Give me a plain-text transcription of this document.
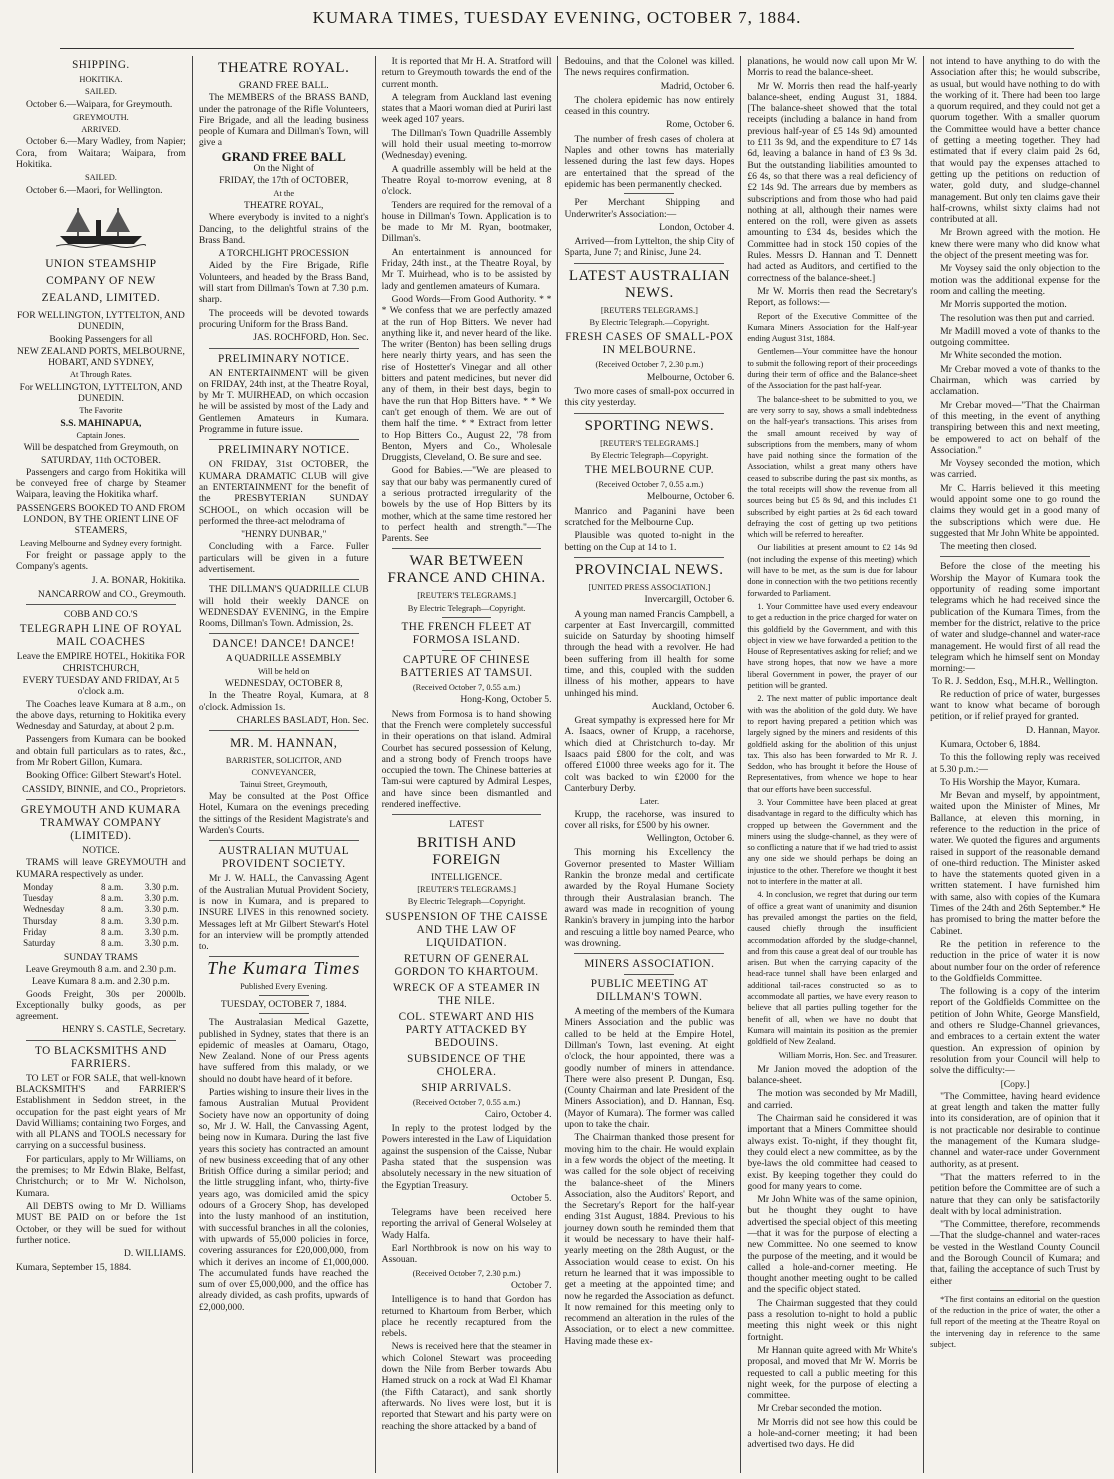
KUMARA TIMES, TUESDAY EVENING, OCTOBER 7, 1884.
SHIPPING.
HOKITIKA.
SAILED.

October 6.—Waipara, for Greymouth.

GREYMOUTH.
ARRIVED.

October 6.—Mary Wadley, from Napier; Cora, from Waitara; Waipara, from Hokitika.

SAILED.

October 6.—Maori, for Wellington.

UNION STEAMSHIP COMPANY OF NEW ZEALAND, LIMITED.
FOR WELLINGTON, LYTTELTON, AND DUNEDIN,
Booking Passengers for all
NEW ZEALAND PORTS, MELBOURNE, HOBART, AND SYDNEY,
At Through Rates.
For WELLINGTON, LYTTELTON, AND DUNEDIN.
The Favorite
S.S. MAHINAPUA,
Captain Jones.
Will be despatched from Greymouth, on
SATURDAY, 11th OCTOBER.

Passengers and cargo from Hokitika will be conveyed free of charge by Steamer Waipara, leaving the Hokitika wharf.

PASSENGERS BOOKED TO AND FROM LONDON, BY THE ORIENT LINE OF STEAMERS,
Leaving Melbourne and Sydney every fortnight.

For freight or passage apply to the Company's agents.

J. A. BONAR, Hokitika.
NANCARROW and CO., Greymouth.
COBB AND CO.'S
TELEGRAPH LINE OF ROYAL MAIL COACHES
Leave the EMPIRE HOTEL, Hokitika FOR CHRISTCHURCH,
EVERY TUESDAY AND FRIDAY, At 5 o'clock a.m.

The Coaches leave Kumara at 8 a.m., on the above days, returning to Hokitika every Wednesday and Saturday, at about 2 p.m.

Passengers from Kumara can be booked and obtain full particulars as to rates, &c., from Mr Robert Gillon, Kumara.

Booking Office: Gilbert Stewart's Hotel.

CASSIDY, BINNIE, and CO., Proprietors.
GREYMOUTH AND KUMARA TRAMWAY COMPANY (LIMITED).
NOTICE.

TRAMS will leave GREYMOUTH and KUMARA respectively as under.

Monday	8 a.m.	3.30 p.m.
Tuesday	8 a.m.	3.30 p.m.
Wednesday	8 a.m.	3.30 p.m.
Thursday	8 a.m.	3.30 p.m.
Friday	8 a.m.	3.30 p.m.
Saturday	8 a.m.	3.30 p.m.
SUNDAY TRAMS
Leave Greymouth 8 a.m. and 2.30 p.m.
Leave Kumara 8 a.m. and 2.30 p.m.

Goods Freight, 30s per 2000lb. Exceptionally bulky goods, as per agreement.

HENRY S. CASTLE, Secretary.
TO BLACKSMITHS AND FARRIERS.

TO LET or FOR SALE, that well-known BLACKSMITH'S and FARRIER'S Establishment in Seddon street, in the occupation for the past eight years of Mr David Williams; containing two Forges, and with all PLANS and TOOLS necessary for carrying on a successful business.

For particulars, apply to Mr Williams, on the premises; to Mr Edwin Blake, Belfast, Christchurch; or to Mr W. Nicholson, Kumara.

All DEBTS owing to Mr D. Williams MUST BE PAID on or before the 1st October, or they will be sued for without further notice.

D. WILLIAMS.
Kumara, September 15, 1884.
THEATRE ROYAL.
GRAND FREE BALL.

The MEMBERS of the BRASS BAND, under the patronage of the Rifle Volunteers, Fire Brigade, and all the leading business people of Kumara and Dillman's Town, will give a

GRAND FREE BALL
On the Night of
FRIDAY, the 17th of OCTOBER,
At the
THEATRE ROYAL,

Where everybody is invited to a night's Dancing, to the delightful strains of the Brass Band.

A TORCHLIGHT PROCESSION

Aided by the Fire Brigade, Rifle Volunteers, and headed by the Brass Band, will start from Dillman's Town at 7.30 p.m. sharp.

The proceeds will be devoted towards procuring Uniform for the Brass Band.

JAS. ROCHFORD, Hon. Sec.
PRELIMINARY NOTICE.

AN ENTERTAINMENT will be given on FRIDAY, 24th inst, at the Theatre Royal, by Mr T. MUIRHEAD, on which occasion he will be assisted by most of the Lady and Gentlemen Amateurs in Kumara. Programme in future issue.

PRELIMINARY NOTICE.

ON FRIDAY, 31st OCTOBER, the KUMARA DRAMATIC CLUB will give an ENTERTAINMENT for the benefit of the PRESBYTERIAN SUNDAY SCHOOL, on which occasion will be performed the three-act melodrama of

"HENRY DUNBAR,"

Concluding with a Farce. Fuller particulars will be given in a future advertisement.

THE DILLMAN'S QUADRILLE CLUB will hold their weekly DANCE on WEDNESDAY EVENING, in the Empire Rooms, Dillman's Town. Admission, 2s.

DANCE! DANCE! DANCE!
A QUADRILLE ASSEMBLY
Will be held on
WEDNESDAY, OCTOBER 8,

In the Theatre Royal, Kumara, at 8 o'clock. Admission 1s.

CHARLES BASLADT, Hon. Sec.
MR. M. HANNAN,
BARRISTER, SOLICITOR, AND CONVEYANCER,
Tainui Street, Greymouth,

May be consulted at the Post Office Hotel, Kumara on the evenings preceding the sittings of the Resident Magistrate's and Warden's Courts.

AUSTRALIAN MUTUAL PROVIDENT SOCIETY.

Mr J. W. HALL, the Canvassing Agent of the Australian Mutual Provident Society, is now in Kumara, and is prepared to INSURE LIVES in this renowned society. Messages left at Mr Gilbert Stewart's Hotel for an interview will be promptly attended to.

The Kumara Times
Published Every Evening.
TUESDAY, OCTOBER 7, 1884.

The Australasian Medical Gazette, published in Sydney, states that there is an epidemic of measles at Oamaru, Otago, New Zealand. None of our Press agents have suffered from this malady, or we should no doubt have heard of it before.

Parties wishing to insure their lives in the famous Australian Mutual Provident Society have now an opportunity of doing so, Mr J. W. Hall, the Canvassing Agent, being now in Kumara. During the last five years this society has contracted an amount of new business exceeding that of any other British Office during a similar period; and the little struggling infant, who, thirty-five years ago, was domiciled amid the spicy odours of a Grocery Shop, has developed into the lusty manhood of an institution, with successful branches in all the colonies, with upwards of 55,000 policies in force, covering assurances for £20,000,000, from which it derives an income of £1,000,000. The accumulated funds have reached the sum of over £5,000,000, and the office has already divided, as cash profits, upwards of £2,000,000.

It is reported that Mr H. A. Stratford will return to Greymouth towards the end of the current month.

A telegram from Auckland last evening states that a Maori woman died at Puriri last week aged 107 years.

The Dillman's Town Quadrille Assembly will hold their usual meeting to-morrow (Wednesday) evening.

A quadrille assembly will be held at the Theatre Royal to-morrow evening, at 8 o'clock.

Tenders are required for the removal of a house in Dillman's Town. Application is to be made to Mr M. Ryan, bootmaker, Dillman's.

An entertainment is announced for Friday, 24th inst., at the Theatre Royal, by Mr T. Muirhead, who is to be assisted by lady and gentlemen amateurs of Kumara.

Good Words—From Good Authority. * * * We confess that we are perfectly amazed at the run of Hop Bitters. We never had anything like it, and never heard of the like. The writer (Benton) has been selling drugs here nearly thirty years, and has seen the rise of Hostetter's Vinegar and all other bitters and patent medicines, but never did any of them, in their best days, begin to have the run that Hop Bitters have. * * We can't get enough of them. We are out of them half the time. * * Extract from letter to Hop Bitters Co., August 22, '78 from Benton, Myers and Co., Wholesale Druggists, Cleveland, O. Be sure and see.

Good for Babies.—"We are pleased to say that our baby was permanently cured of a serious protracted irregularity of the bowels by the use of Hop Bitters by its mother, which at the same time restored her to perfect health and strength."—The Parents. See

WAR BETWEEN FRANCE AND CHINA.
[REUTER'S TELEGRAMS.]
By Electric Telegraph—Copyright.
THE FRENCH FLEET AT FORMOSA ISLAND.
CAPTURE OF CHINESE BATTERIES AT TAMSUI.
(Received October 7, 0.55 a.m.)
Hong-Kong, October 5.

News from Formosa is to hand showing that the French were completely successful in their operations on that island. Admiral Courbet has secured possession of Kelung, and a strong body of French troops have occupied the town. The Chinese batteries at Tam-sui were captured by Admiral Lespes, and have since been dismantled and rendered ineffective.

LATEST
BRITISH AND FOREIGN
INTELLIGENCE.
[REUTER'S TELEGRAMS.]
By Electric Telegraph—Copyright.
SUSPENSION OF THE CAISSE AND THE LAW OF LIQUIDATION.
RETURN OF GENERAL GORDON TO KHARTOUM.
WRECK OF A STEAMER IN THE NILE.
COL. STEWART AND HIS PARTY ATTACKED BY BEDOUINS.
SUBSIDENCE OF THE CHOLERA.
SHIP ARRIVALS.
(Received October 7, 0.55 a.m.)
Cairo, October 4.

In reply to the protest lodged by the Powers interested in the Law of Liquidation against the suspension of the Caisse, Nubar Pasha stated that the suspension was absolutely necessary in the new situation of the Egyptian Treasury.

October 5.

Telegrams have been received here reporting the arrival of General Wolseley at Wady Halfa.

Earl Northbrook is now on his way to Assouan.

(Received October 7, 2.30 p.m.)
October 7.

Intelligence is to hand that Gordon has returned to Khartoum from Berber, which place he recently recaptured from the rebels.

News is received here that the steamer in which Colonel Stewart was proceeding down the Nile from Berber towards Abu Hamed struck on a rock at Wad El Khamar (the Fifth Cataract), and sank shortly afterwards. No lives were lost, but it is reported that Stewart and his party were on reaching the shore attacked by a band of

Bedouins, and that the Colonel was killed. The news requires confirmation.

Madrid, October 6.

The cholera epidemic has now entirely ceased in this country.

Rome, October 6.

The number of fresh cases of cholera at Naples and other towns has materially lessened during the last few days. Hopes are entertained that the spread of the epidemic has been permanently checked.

Per Merchant Shipping and Underwriter's Association:—

London, October 4.

Arrived—from Lyttelton, the ship City of Sparta, June 7; and Rinisc, June 24.

LATEST AUSTRALIAN NEWS.
[REUTERS TELEGRAMS.]
By Electric Telegraph.—Copyright.
FRESH CASES OF SMALL-POX IN MELBOURNE.
(Received October 7, 2.30 p.m.)
Melbourne, October 6.

Two more cases of small-pox occurred in this city yesterday.

SPORTING NEWS.
[REUTER'S TELEGRAMS.]
By Electric Telegraph—Copyright.
THE MELBOURNE CUP.
(Received October 7, 0.55 a.m.)
Melbourne, October 6.

Manrico and Paganini have been scratched for the Melbourne Cup.

Plausible was quoted to-night in the betting on the Cup at 14 to 1.

PROVINCIAL NEWS.
[UNITED PRESS ASSOCIATION.]
Invercargill, October 6.

A young man named Francis Campbell, a carpenter at East Invercargill, committed suicide on Saturday by shooting himself through the head with a revolver. He had been suffering from ill health for some time, and this, coupled with the sudden illness of his mother, appears to have unhinged his mind.

Auckland, October 6.

Great sympathy is expressed here for Mr A. Isaacs, owner of Krupp, a racehorse, which died at Christchurch to-day. Mr Isaacs paid £800 for the colt, and was offered £1000 three weeks ago for it. The colt was backed to win £2000 for the Canterbury Derby.

Later.

Krupp, the racehorse, was insured to cover all risks, for £500 by his owner.

Wellington, October 6.

This morning his Excellency the Governor presented to Master William Rankin the bronze medal and certificate awarded by the Royal Humane Society through their Australasian branch. The award was made in recognition of young Rankin's bravery in jumping into the harbor and rescuing a little boy named Pearce, who was drowning.

MINERS ASSOCIATION.
PUBLIC MEETING AT DILLMAN'S TOWN.

A meeting of the members of the Kumara Miners Association and the public was called to be held at the Empire Hotel, Dillman's Town, last evening. At eight o'clock, the hour appointed, there was a goodly number of miners in attendance. There were also present P. Dungan, Esq. (County Chairman and late President of the Miners Association), and D. Hannan, Esq. (Mayor of Kumara). The former was called upon to take the chair.

The Chairman thanked those present for moving him to the chair. He would explain in a few words the object of the meeting. It was called for the sole object of receiving the balance-sheet of the Miners Association, also the Auditors' Report, and the Secretary's Report for the half-year ending 31st August, 1884. Previous to his journey down south he reminded them that it would be necessary to have their half-yearly meeting on the 28th August, or the Association would cease to exist. On his return he learned that it was impossible to get a meeting at the appointed time; and now he regarded the Association as defunct. It now remained for this meeting only to recommend an alteration in the rules of the Association, or to elect a new committee. Having made these ex-

planations, he would now call upon Mr W. Morris to read the balance-sheet.

Mr W. Morris then read the half-yearly balance-sheet, ending August 31, 1884. [The balance-sheet showed that the total receipts (including a balance in hand from previous half-year of £5 14s 9d) amounted to £11 3s 9d, and the expenditure to £7 14s 6d, leaving a balance in hand of £3 9s 3d. But the outstanding liabilities amounted to £6 4s, so that there was a real deficiency of £2 14s 9d. The arrears due by members as subscriptions and from those who had paid nothing at all, although their names were entered on the roll, were given as assets amounting to £34 4s, besides which the Committee had in stock 150 copies of the Rules. Messrs D. Hannan and T. Dennett had acted as Auditors, and certified to the correctness of the balance-sheet.]

Mr W. Morris then read the Secretary's Report, as follows:—

Report of the Executive Committee of the Kumara Miners Association for the Half-year ending August 31st, 1884.

Gentlemen—Your committee have the honour to submit the following report of their proceedings during their term of office and the Balance-sheet of the Association for the past half-year.

The balance-sheet to be submitted to you, we are very sorry to say, shows a small indebtedness on the half-year's transactions. This arises from the small amount received by way of subscriptions from the members, many of whom have paid nothing since the formation of the Association, whilst a great many others have ceased to subscribe during the past six months, as the total receipts will show the revenue from all sources being but £5 8s 9d, and this includes £1 subscribed by eight parties at 2s 6d each toward defraying the cost of getting up two petitions which will be referred to hereafter.

Our liabilities at present amount to £2 14s 9d (not including the expense of this meeting) which will have to be met, as the sum is due for labour done in connection with the two petitions recently forwarded to Parliament.

1. Your Committee have used every endeavour to get a reduction in the price charged for water on this goldfield by the Government, and with this object in view we have forwarded a petition to the House of Representatives asking for relief; and we have strong hopes, that now we have a more liberal Government in power, the prayer of our petition will be granted.

2. The next matter of public importance dealt with was the abolition of the gold duty. We have to report having prepared a petition which was largely signed by the miners and residents of this goldfield asking for the abolition of this unjust tax. This also has been forwarded to Mr R. J. Seddon, who has brought it before the House of Representatives, from whence we hope to hear that our efforts have been successful.

3. Your Committee have been placed at great disadvantage in regard to the difficulty which has cropped up between the Government and the miners using the sludge-channel, as they were of so conflicting a nature that if we had tried to assist any one side we should perhaps be doing an injustice to the other. Therefore we thought it best not to interfere in the matter at all.

4. In conclusion, we regret that during our term of office a great want of unanimity and disunion has prevailed amongst the parties on the field, caused chiefly through the insufficient accommodation afforded by the sludge-channel, and from this cause a great deal of our trouble has arisen. But when the carrying capacity of the head-race tunnel shall have been enlarged and additional tail-races constructed so as to accommodate all parties, we have every reason to believe that all parties pulling together for the benefit of all, when we have no doubt that Kumara will maintain its position as the premier goldfield of New Zealand.

William Morris, Hon. Sec. and Treasurer.

Mr Janion moved the adoption of the balance-sheet.

The motion was seconded by Mr Madill, and carried.

The Chairman said he considered it was important that a Miners Committee should always exist. To-night, if they thought fit, they could elect a new committee, as by the bye-laws the old committee had ceased to exist. By keeping together they could do good for many years to come.

Mr John White was of the same opinion, but he thought they ought to have advertised the special object of this meeting—that it was for the purpose of electing a new Committee. No one seemed to know the purpose of the meeting, and it would be called a hole-and-corner meeting. He thought another meeting ought to be called and the specific object stated.

The Chairman suggested that they could pass a resolution to-night to hold a public meeting this night week or this night fortnight.

Mr Hannan quite agreed with Mr White's proposal, and moved that Mr W. Morris be requested to call a public meeting for this night week, for the purpose of electing a committee.

Mr Crebar seconded the motion.

Mr Morris did not see how this could be a hole-and-corner meeting; it had been advertised two days. He did

not intend to have anything to do with the Association after this; he would subscribe, as usual, but would have nothing to do with the working of it. There had been too large a quorum required, and they could not get a quorum together. With a smaller quorum the Committee would have a better chance of getting a meeting together. They had estimated that if every claim paid 2s 6d, that would pay the expenses attached to getting up the petitions on reduction of water, gold duty, and sludge-channel management. But only ten claims gave their half-crowns, whilst sixty claims had not contributed at all.

Mr Brown agreed with the motion. He knew there were many who did know what the object of the present meeting was for.

Mr Voysey said the only objection to the motion was the additional expense for the room and calling the meeting.

Mr Morris supported the motion.

The resolution was then put and carried.

Mr Madill moved a vote of thanks to the outgoing committee.

Mr White seconded the motion.

Mr Crebar moved a vote of thanks to the Chairman, which was carried by acclamation.

Mr Crebar moved—"That the Chairman of this meeting, in the event of anything transpiring between this and next meeting, be empowered to act on behalf of the Association."

Mr Voysey seconded the motion, which was carried.

Mr C. Harris believed it this meeting would appoint some one to go round the claims they would get in a good many of the subscriptions which were due. He suggested that Mr John White be appointed.

The meeting then closed.

Before the close of the meeting his Worship the Mayor of Kumara took the opportunity of reading some important telegrams which he had received since the publication of the Kumara Times, from the member for the district, relative to the price of water and sludge-channel and water-race management. He would first of all read the telegram which he himself sent on Monday morning:—

To R. J. Seddon, Esq., M.H.R., Wellington.

Re reduction of price of water, burgesses want to know what became of borough petition, or if relief prayed for granted.

D. Hannan, Mayor.

Kumara, October 6, 1884.

To this the following reply was received at 5.30 p.m.:—

To His Worship the Mayor, Kumara.

Mr Bevan and myself, by appointment, waited upon the Minister of Mines, Mr Ballance, at eleven this morning, in reference to the reduction in the price of water. We quoted the figures and arguments raised in support of the reasonable demand of one-third reduction. The Minister asked to have the statements quoted given in a written statement. I have furnished him with same, also with copies of the Kumara Times of the 24th and 26th September.* He has promised to bring the matter before the Cabinet.

Re the petition in reference to the reduction in the price of water it is now about number four on the order of reference to the Goldfields Committee.

The following is a copy of the interim report of the Goldfields Committee on the petition of John White, George Mansfield, and others re Sludge-Channel grievances, and embraces to a certain extent the water question. An expression of opinion by resolution from your Council will help to solve the difficulty:—

[Copy.]

"The Committee, having heard evidence at great length and taken the matter fully into its consideration, are of opinion that it is not practicable nor desirable to continue the management of the Kumara sludge-channel and water-race under Government authority, as at present.

"That the matters referred to in the petition before the Committee are of such a nature that they can only be satisfactorily dealt with by local administration.

"The Committee, therefore, recommends—That the sludge-channel and water-races be vested in the Westland County Council and the Borough Council of Kumara; and that, failing the acceptance of such Trust by either

*The first contains an editorial on the question of the reduction in the price of water, the other a full report of the meeting at the Theatre Royal on the intervening day in reference to the same subject.
